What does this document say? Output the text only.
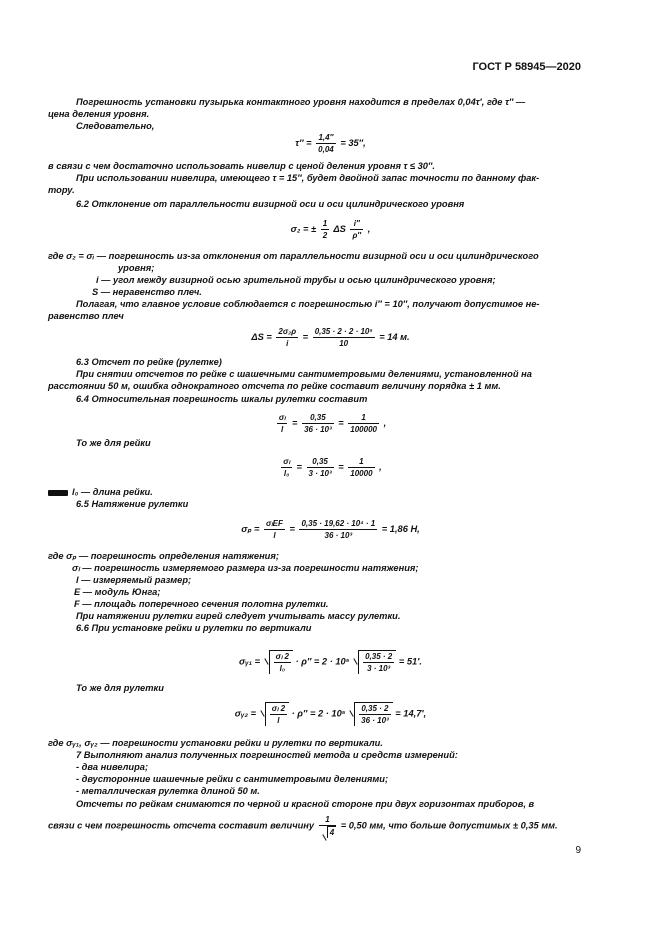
ГОСТ Р 58945—2020
Погрешность установки пузырька контактного уровня находится в пределах 0,04τ′, где τ″ —
цена деления уровня.
Следовательно,
$\tau'' = \frac{1,4''}{0,04} = 35''$,
в связи с чем достаточно использовать нивелир с ценой деления уровня τ ≤ 30″.
При использовании нивелира, имеющего τ = 15″, будет двойной запас точности по данному фак-
тору.
6.2 Отклонение от параллельности визирной оси и оси цилиндрического уровня
σ₂ = ± $\frac{1}{2}$ ΔS $\frac{i''}{\rho''}$ ,
где σ₂ = σᵢ — погрешность из-за отклонения от параллельности визирной оси и оси цилиндрического
уровня;
i — угол между визирной осью зрительной трубы и осью цилиндрического уровня;
S — неравенство плеч.
Полагая, что главное условие соблюдается с погрешностью i″ = 10″, получают допустимое не-
равенство плеч
$\Delta S = \frac{\text{2σ₂ρ}}{i} = \frac{\text{0,35 · 2 · 2 · 10⁵}}{10} = 14$ м.
6.3 Отсчет по рейке (рулетке)
При снятии отсчетов по рейке с шашечными сантиметровыми делениями, установленной на
расстоянии 50 м, ошибка однократного отсчета по рейке составит величину порядка ± 1 мм.
6.4 Относительная погрешность шкалы рулетки составит
$\frac{\text{σₗ}}{l} = \frac{0,35}{\text{36 · 10³}} = \frac{1}{100000}$ ,
То же для рейки
$\frac{\text{σₗ}}{\text{l₀}} = \frac{0,35}{\text{3 · 10³}} = \frac{1}{10000}$ ,
l₀ — длина рейки.
6.5 Натяжение рулетки
$\sigma_p = \frac{\text{σₗEF}}{l} = \frac{\text{0,35 · 19,62 · 10⁴ · 1}}{\text{36 · 10³}} = 1,86$ Н,
где σₚ — погрешность определения натяжения;
σₗ — погрешность измеряемого размера из-за погрешности натяжения;
l — измеряемый размер;
E — модуль Юнга;
F — площадь поперечного сечения полотна рулетки.
При натяжении рулетки гирей следует учитывать массу рулетки.
6.6 При установке рейки и рулетки по вертикали
σᵧ₁ = $\frac{\text{σₗ 2}}{\text{l₀}} \cdot \rho'' = 2 \cdot 10^5 \frac{0,35 \cdot 2}{\text{3 · 10³}} = 51'$.
То же для рулетки
σᵧ₂ = $\frac{\text{σₗ 2}}{l} \cdot \rho'' = 2 \cdot 10^5 \frac{0,35 \cdot 2}{\text{36 · 10³}} = 14,7'$,
где σᵧ₁, σᵧ₂ — погрешности установки рейки и рулетки по вертикали.
7 Выполняют анализ полученных погрешностей метода и средств измерений:
- два нивелира;
- двусторонние шашечные рейки с сантиметровыми делениями;
- металлическая рулетка длиной 50 м.
Отсчеты по рейкам снимаются по черной и красной стороне при двух горизонтах приборов, в
связи с чем погрешность отсчета составит величину $\frac{1}{4} = 0,50$ мм, что больше допустимых ± 0,35 мм.
9
